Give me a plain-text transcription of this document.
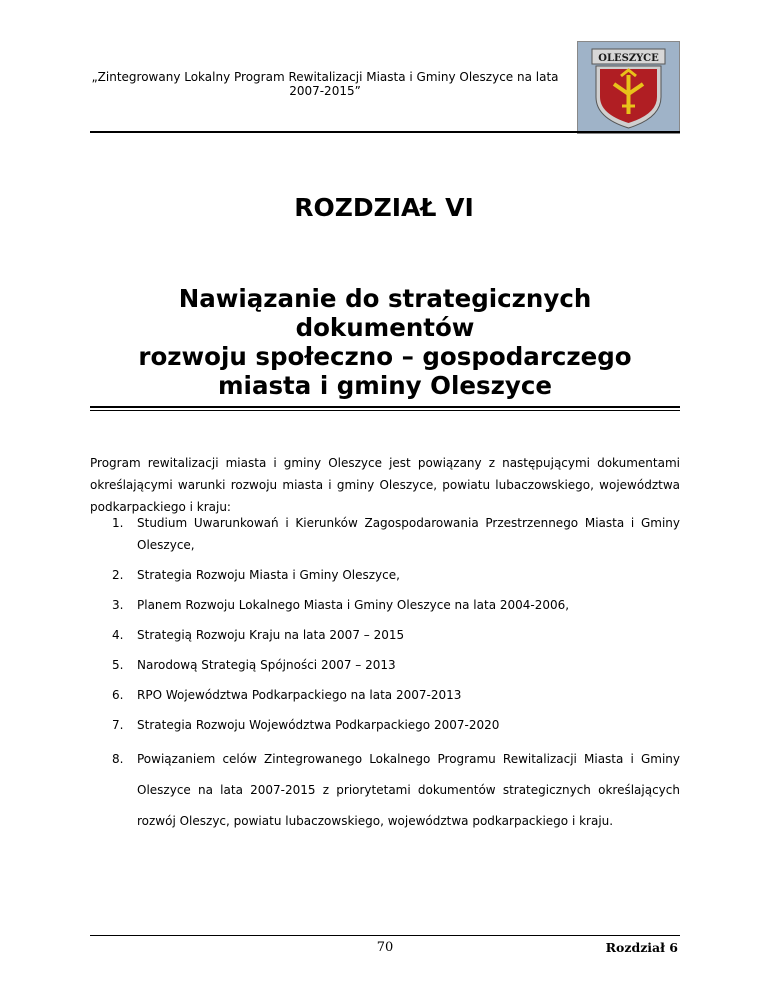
„Zintegrowany Lokalny Program Rewitalizacji Miasta i Gminy Oleszyce na lata 2007-2015”
OLESZYCE
ROZDZIAŁ VI
Nawiązanie do strategicznych
dokumentów
rozwoju społeczno – gospodarczego
miasta i gminy Oleszyce
Program rewitalizacji miasta i gminy Oleszyce jest powiązany z następującymi dokumentami określającymi warunki rozwoju miasta i gminy Oleszyce, powiatu lubaczowskiego, województwa podkarpackiego i kraju:
1. Studium Uwarunkowań i Kierunków Zagospodarowania Przestrzennego Miasta i Gminy Oleszyce,
2. Strategia Rozwoju Miasta i Gminy Oleszyce,
3. Planem Rozwoju Lokalnego Miasta i Gminy Oleszyce na lata 2004-2006,
4. Strategią Rozwoju Kraju na lata 2007 – 2015
5. Narodową Strategią Spójności 2007 – 2013
6. RPO Województwa Podkarpackiego na lata 2007-2013
7. Strategia Rozwoju Województwa Podkarpackiego 2007-2020
8. Powiązaniem celów Zintegrowanego Lokalnego Programu Rewitalizacji Miasta i Gminy Oleszyce na lata 2007-2015 z priorytetami dokumentów strategicznych określających rozwój Oleszyc, powiatu lubaczowskiego, województwa podkarpackiego i kraju.
70	Rozdział 6
